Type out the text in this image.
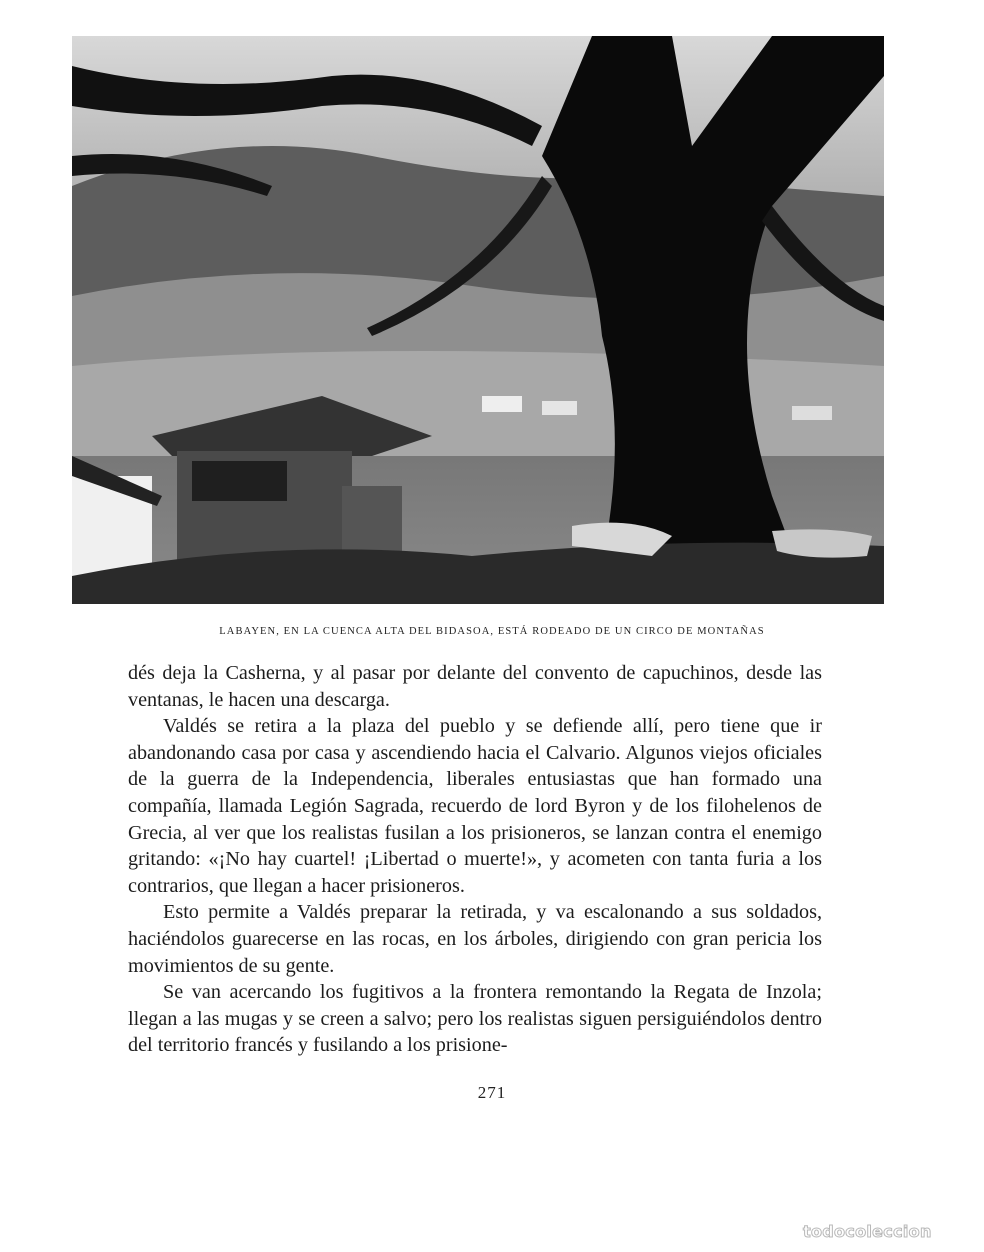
LABAYEN, EN LA CUENCA ALTA DEL BIDASOA, ESTÁ RODEADO DE UN CIRCO DE MONTAÑAS

dés deja la Casherna, y al pasar por delante del convento de capuchinos, desde las ventanas, le hacen una descarga.

Valdés se retira a la plaza del pueblo y se defiende allí, pero tiene que ir abandonando casa por casa y ascendiendo hacia el Calvario. Algunos viejos oficiales de la guerra de la Independencia, liberales entusiastas que han formado una compañía, llamada Legión Sagrada, recuerdo de lord Byron y de los filohelenos de Grecia, al ver que los realistas fusilan a los prisioneros, se lanzan contra el enemigo gritando: «¡No hay cuartel! ¡Libertad o muerte!», y acometen con tanta furia a los contrarios, que llegan a hacer prisioneros.

Esto permite a Valdés preparar la retirada, y va escalonando a sus soldados, haciéndolos guarecerse en las rocas, en los árboles, dirigiendo con gran pericia los movimientos de su gente.

Se van acercando los fugitivos a la frontera remontando la Regata de Inzola; llegan a las mugas y se creen a salvo; pero los realistas siguen persiguiéndolos dentro del territorio francés y fusilando a los prisione-

271
todocoleccion
